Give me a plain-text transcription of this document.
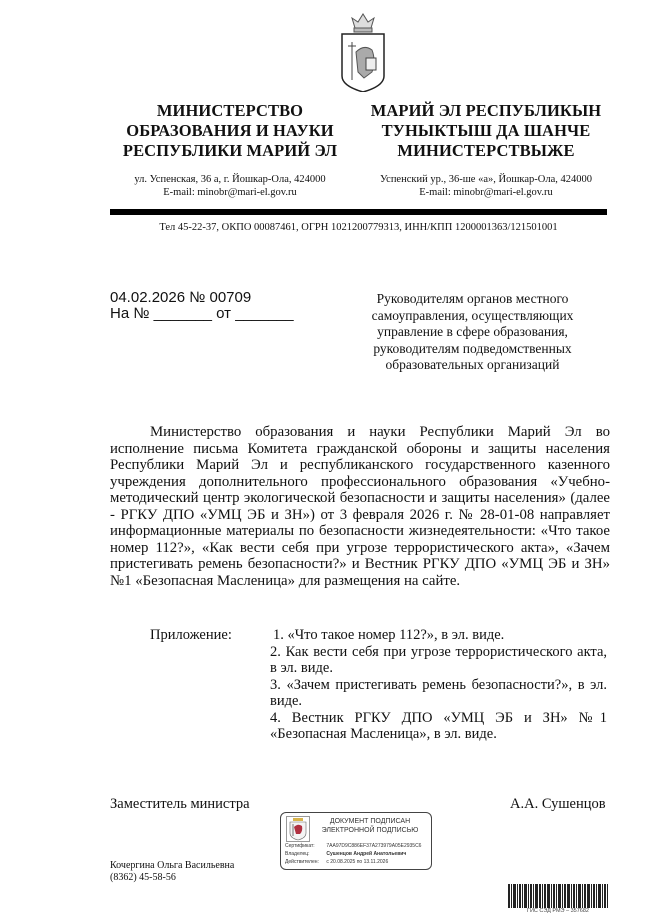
МИНИСТЕРСТВО
ОБРАЗОВАНИЯ И НАУКИ
РЕСПУБЛИКИ МАРИЙ ЭЛ
МАРИЙ ЭЛ РЕСПУБЛИКЫН
ТУНЫКТЫШ ДА ШАНЧЕ
МИНИСТЕРСТВЫЖЕ
ул. Успенская, 36 а, г. Йошкар-Ола, 424000
E-mail: minobr@mari-el.gov.ru
Успенский ур., 36-ше «а», Йошкар-Ола, 424000
E-mail: minobr@mari-el.gov.ru
Тел 45-22-37, ОКПО 00087461, ОГРН 1021200779313, ИНН/КПП 1200001363/121501001
04.02.2026 № 00709
На № _______ от _______
Руководителям органов местного
самоуправления, осуществляющих
управление в сфере образования,
руководителям подведомственных
образовательных организаций

Министерство образования и науки Республики Марий Эл во исполнение письма Комитета гражданской обороны и защиты населения Республики Марий Эл и республиканского государственного казенного учреждения дополнительного профессионального образования «Учебно-методический центр экологической безопасности и защиты населения» (далее - РГКУ ДПО «УМЦ ЭБ и ЗН») от 3 февраля 2026 г. № 28-01-08 направляет информационные материалы по безопасности жизнедеятельности: «Что такое номер 112?», «Как вести себя при угрозе террористического акта», «Зачем пристегивать ремень безопасности?» и Вестник РГКУ ДПО «УМЦ ЭБ и ЗН» №1 «Безопасная Масленица» для размещения на сайте.

Приложение:	1. «Что такое номер 112?», в эл. виде.

2. Как вести себя при угрозе террористического акта, в эл. виде.

3. «Зачем пристегивать ремень безопасности?», в эл. виде.

4. Вестник РГКУ ДПО «УМЦ ЭБ и ЗН» №1 «Безопасная Масленица», в эл. виде.

Заместитель министра	А.А. Сушенцов
ДОКУМЕНТ ПОДПИСАН
ЭЛЕКТРОННОЙ ПОДПИСЬЮ
Сертификат: 7AA97D9C886EF37A273979A05E2935C6
Владелец:	Сушенцов Андрей Анатольевич
Действителен: с 20.08.2025 по 13.11.2026
Кочергина Ольга Васильевна
(8362) 45-58-56
ГИС СЭД РМЭ – 357682
